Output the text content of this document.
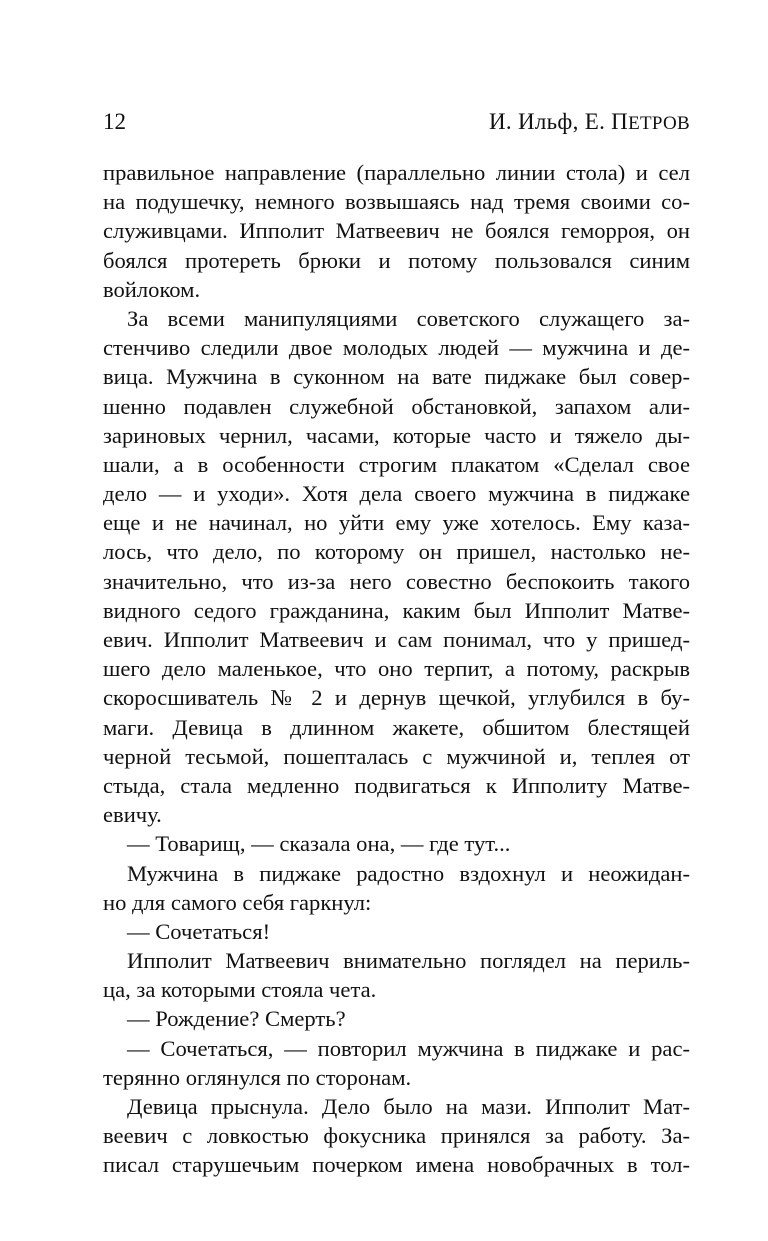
12	И. Ильф, Е. ПЕТРОВ
правильное направление (параллельно линии стола) и сел
на подушечку, немного возвышаясь над тремя своими со-
служивцами. Ипполит Матвеевич не боялся геморроя, он
боялся протереть брюки и потому пользовался синим
войлоком.
За всеми манипуляциями советского служащего за-
стенчиво следили двое молодых людей — мужчина и де-
вица. Мужчина в суконном на вате пиджаке был совер-
шенно подавлен служебной обстановкой, запахом али-
зариновых чернил, часами, которые часто и тяжело ды-
шали, а в особенности строгим плакатом «Сделал свое
дело — и уходи». Хотя дела своего мужчина в пиджаке
еще и не начинал, но уйти ему уже хотелось. Ему каза-
лось, что дело, по которому он пришел, настолько не-
значительно, что из-за него совестно беспокоить такого
видного седого гражданина, каким был Ипполит Матве-
евич. Ипполит Матвеевич и сам понимал, что у пришед-
шего дело маленькое, что оно терпит, а потому, раскрыв
скоросшиватель № 2 и дернув щечкой, углубился в бу-
маги. Девица в длинном жакете, обшитом блестящей
черной тесьмой, пошепталась с мужчиной и, теплея от
стыда, стала медленно подвигаться к Ипполиту Матве-
евичу.
— Товарищ, — сказала она, — где тут...
Мужчина в пиджаке радостно вздохнул и неожидан-
но для самого себя гаркнул:
— Сочетаться!
Ипполит Матвеевич внимательно поглядел на периль-
ца, за которыми стояла чета.
— Рождение? Смерть?
— Сочетаться, — повторил мужчина в пиджаке и рас-
терянно оглянулся по сторонам.
Девица прыснула. Дело было на мази. Ипполит Мат-
веевич с ловкостью фокусника принялся за работу. За-
писал старушечьим почерком имена новобрачных в тол-
